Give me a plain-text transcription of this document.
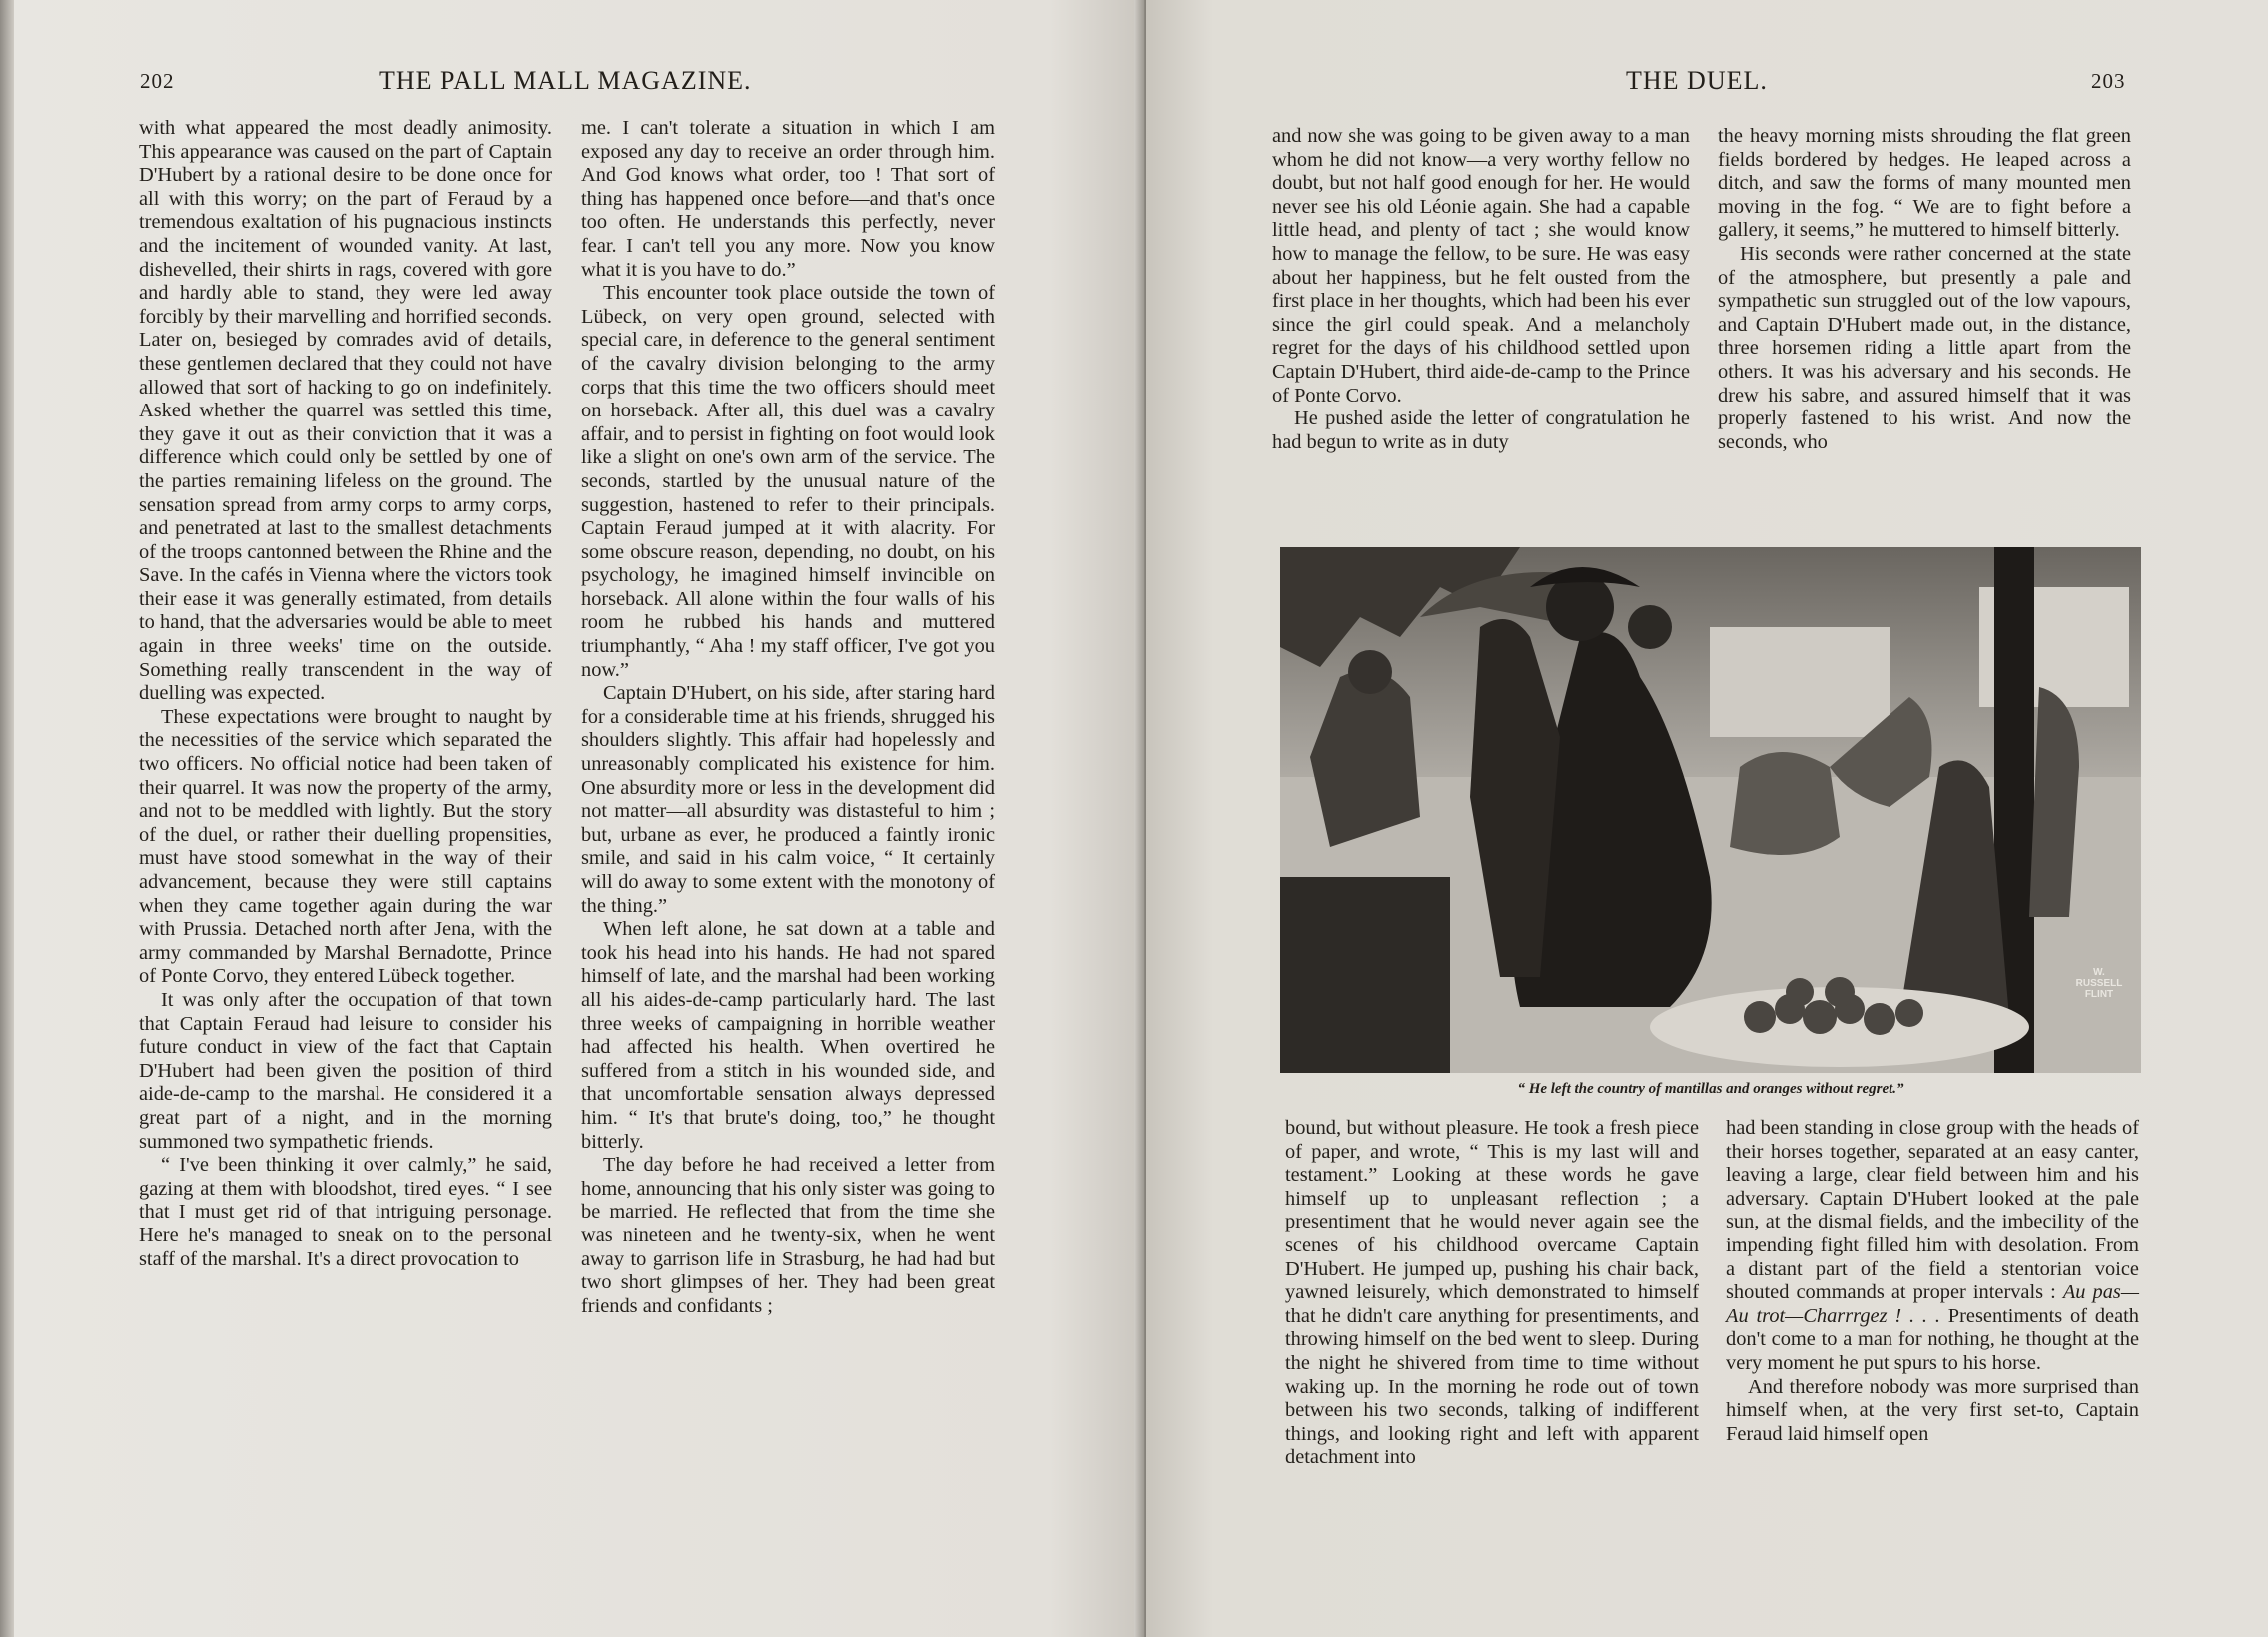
202	THE PALL MALL MAGAZINE.

with what appeared the most deadly animosity. This appearance was caused on the part of Captain D'Hubert by a rational desire to be done once for all with this worry; on the part of Feraud by a tremendous exaltation of his pugnacious instincts and the incitement of wounded vanity. At last, dishevelled, their shirts in rags, covered with gore and hardly able to stand, they were led away forcibly by their marvelling and horrified seconds. Later on, besieged by comrades avid of details, these gentlemen declared that they could not have allowed that sort of hacking to go on indefinitely. Asked whether the quarrel was settled this time, they gave it out as their conviction that it was a difference which could only be settled by one of the parties remaining lifeless on the ground. The sensation spread from army corps to army corps, and penetrated at last to the smallest detachments of the troops cantonned between the Rhine and the Save. In the cafés in Vienna where the victors took their ease it was generally estimated, from details to hand, that the adversaries would be able to meet again in three weeks' time on the outside. Something really transcendent in the way of duelling was expected.

These expectations were brought to naught by the necessities of the service which separated the two officers. No official notice had been taken of their quarrel. It was now the property of the army, and not to be meddled with lightly. But the story of the duel, or rather their duelling propensities, must have stood somewhat in the way of their advancement, because they were still captains when they came together again during the war with Prussia. Detached north after Jena, with the army commanded by Marshal Bernadotte, Prince of Ponte Corvo, they entered Lübeck together.

It was only after the occupation of that town that Captain Feraud had leisure to consider his future conduct in view of the fact that Captain D'Hubert had been given the position of third aide-de-camp to the marshal. He considered it a great part of a night, and in the morning summoned two sympathetic friends.

“ I've been thinking it over calmly,” he said, gazing at them with bloodshot, tired eyes. “ I see that I must get rid of that intriguing personage. Here he's managed to sneak on to the personal staff of the marshal. It's a direct provocation to

me. I can't tolerate a situation in which I am exposed any day to receive an order through him. And God knows what order, too ! That sort of thing has happened once before—and that's once too often. He understands this perfectly, never fear. I can't tell you any more. Now you know what it is you have to do.”

This encounter took place outside the town of Lübeck, on very open ground, selected with special care, in deference to the general sentiment of the cavalry division belonging to the army corps that this time the two officers should meet on horseback. After all, this duel was a cavalry affair, and to persist in fighting on foot would look like a slight on one's own arm of the service. The seconds, startled by the unusual nature of the suggestion, hastened to refer to their principals. Captain Feraud jumped at it with alacrity. For some obscure reason, depending, no doubt, on his psychology, he imagined himself invincible on horseback. All alone within the four walls of his room he rubbed his hands and muttered triumphantly, “ Aha ! my staff officer, I've got you now.”

Captain D'Hubert, on his side, after staring hard for a considerable time at his friends, shrugged his shoulders slightly. This affair had hopelessly and unreasonably complicated his existence for him. One absurdity more or less in the development did not matter—all absurdity was distasteful to him ; but, urbane as ever, he produced a faintly ironic smile, and said in his calm voice, “ It certainly will do away to some extent with the monotony of the thing.”

When left alone, he sat down at a table and took his head into his hands. He had not spared himself of late, and the marshal had been working all his aides-de-camp particularly hard. The last three weeks of campaigning in horrible weather had affected his health. When overtired he suffered from a stitch in his wounded side, and that uncomfortable sensation always depressed him. “ It's that brute's doing, too,” he thought bitterly.

The day before he had received a letter from home, announcing that his only sister was going to be married. He reflected that from the time she was nineteen and he twenty-six, when he went away to garrison life in Strasburg, he had had but two short glimpses of her. They had been great friends and confidants ;

THE DUEL.	203

and now she was going to be given away to a man whom he did not know—a very worthy fellow no doubt, but not half good enough for her. He would never see his old Léonie again. She had a capable little head, and plenty of tact ; she would know how to manage the fellow, to be sure. He was easy about her happiness, but he felt ousted from the first place in her thoughts, which had been his ever since the girl could speak. And a melancholy regret for the days of his childhood settled upon Captain D'Hubert, third aide-de-camp to the Prince of Ponte Corvo.

He pushed aside the letter of congratulation he had begun to write as in duty

the heavy morning mists shrouding the flat green fields bordered by hedges. He leaped across a ditch, and saw the forms of many mounted men moving in the fog. “ We are to fight before a gallery, it seems,” he muttered to himself bitterly.

His seconds were rather concerned at the state of the atmosphere, but presently a pale and sympathetic sun struggled out of the low vapours, and Captain D'Hubert made out, in the distance, three horsemen riding a little apart from the others. It was his adversary and his seconds. He drew his sabre, and assured himself that it was properly fastened to his wrist. And now the seconds, who

W. RUSSELL FLINT
“ He left the country of mantillas and oranges without regret.”

bound, but without pleasure. He took a fresh piece of paper, and wrote, “ This is my last will and testament.” Looking at these words he gave himself up to unpleasant reflection ; a presentiment that he would never again see the scenes of his childhood overcame Captain D'Hubert. He jumped up, pushing his chair back, yawned leisurely, which demonstrated to himself that he didn't care anything for presentiments, and throwing himself on the bed went to sleep. During the night he shivered from time to time without waking up. In the morning he rode out of town between his two seconds, talking of indifferent things, and looking right and left with apparent detachment into

had been standing in close group with the heads of their horses together, separated at an easy canter, leaving a large, clear field between him and his adversary. Captain D'Hubert looked at the pale sun, at the dismal fields, and the imbecility of the impending fight filled him with desolation. From a distant part of the field a stentorian voice shouted commands at proper intervals : Au pas—Au trot—Charrrgez ! . . . Presentiments of death don't come to a man for nothing, he thought at the very moment he put spurs to his horse.

And therefore nobody was more surprised than himself when, at the very first set-to, Captain Feraud laid himself open
